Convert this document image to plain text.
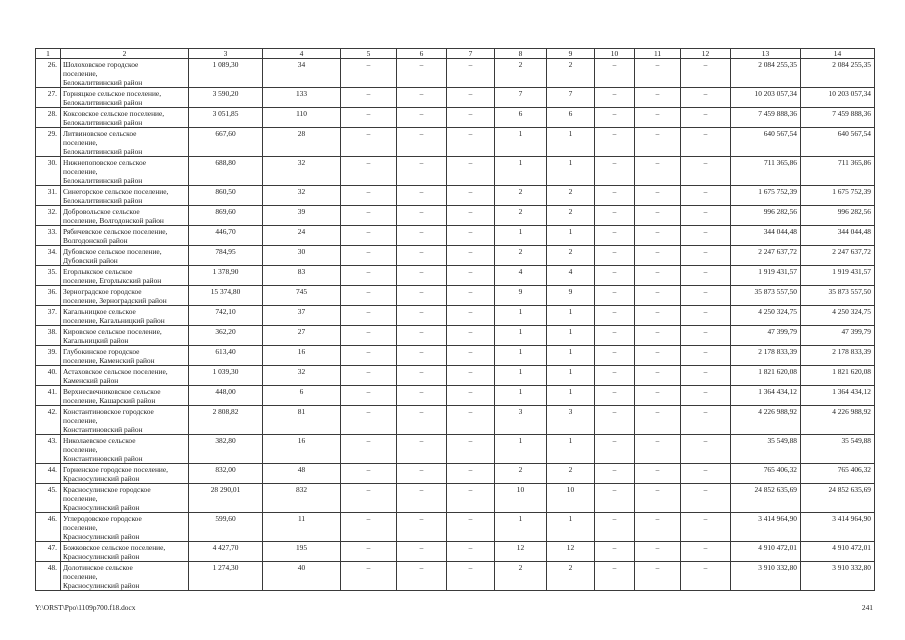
1	2	3	4	5	6	7	8	9	10	11	12	13	14
26.	Шолоховское городское
поселение,
Белокалитвинский район	1 089,30	34	–	–	–	2	2	–	–	–	2 084 255,35	2 084 255,35
27.	Горняцкое сельское поселение,
Белокалитвинский район	3 590,20	133	–	–	–	7	7	–	–	–	10 203 057,34	10 203 057,34
28.	Коксовское сельское поселение,
Белокалитвинский район	3 051,85	110	–	–	–	6	6	–	–	–	7 459 888,36	7 459 888,36
29.	Литвиновское сельское
поселение,
Белокалитвинский район	667,60	28	–	–	–	1	1	–	–	–	640 567,54	640 567,54
30.	Нижнепоповское сельское
поселение,
Белокалитвинский район	688,80	32	–	–	–	1	1	–	–	–	711 365,86	711 365,86
31.	Синегорское сельское поселение,
Белокалитвинский район	860,50	32	–	–	–	2	2	–	–	–	1 675 752,39	1 675 752,39
32.	Добровольское сельское
поселение, Волгодонской район	869,60	39	–	–	–	2	2	–	–	–	996 282,56	996 282,56
33.	Рябичевское сельское поселение,
Волгодонской район	446,70	24	–	–	–	1	1	–	–	–	344 044,48	344 044,48
34.	Дубовское сельское поселение,
Дубовский район	784,95	30	–	–	–	2	2	–	–	–	2 247 637,72	2 247 637,72
35.	Егорлыкское сельское
поселение, Егорлыкский район	1 378,90	83	–	–	–	4	4	–	–	–	1 919 431,57	1 919 431,57
36.	Зерноградское городское
поселение, Зерноградский район	15 374,80	745	–	–	–	9	9	–	–	–	35 873 557,50	35 873 557,50
37.	Кагальницкое сельское
поселение, Кагальницкий район	742,10	37	–	–	–	1	1	–	–	–	4 250 324,75	4 250 324,75
38.	Кировское сельское поселение,
Кагальницкий район	362,20	27	–	–	–	1	1	–	–	–	47 399,79	47 399,79
39.	Глубокинское городское
поселение, Каменский район	613,40	16	–	–	–	1	1	–	–	–	2 178 833,39	2 178 833,39
40.	Астаховское сельское поселение,
Каменский район	1 039,30	32	–	–	–	1	1	–	–	–	1 821 620,08	1 821 620,08
41.	Верхнесвечниковское сельское
поселение, Кашарский район	448,00	6	–	–	–	1	1	–	–	–	1 364 434,12	1 364 434,12
42.	Константиновское городское
поселение,
Константиновский район	2 808,82	81	–	–	–	3	3	–	–	–	4 226 988,92	4 226 988,92
43.	Николаевское сельское
поселение,
Константиновский район	382,80	16	–	–	–	1	1	–	–	–	35 549,88	35 549,88
44.	Горненское городское поселение,
Красносулинский район	832,00	48	–	–	–	2	2	–	–	–	765 406,32	765 406,32
45.	Красносулинское городское
поселение,
Красносулинский район	28 290,01	832	–	–	–	10	10	–	–	–	24 852 635,69	24 852 635,69
46.	Углеродовское городское
поселение,
Красносулинский район	599,60	11	–	–	–	1	1	–	–	–	3 414 964,90	3 414 964,90
47.	Божковское сельское поселение,
Красносулинский район	4 427,70	195	–	–	–	12	12	–	–	–	4 910 472,01	4 910 472,01
48.	Долотинское сельское
поселение,
Красносулинский район	1 274,30	40	–	–	–	2	2	–	–	–	3 910 332,80	3 910 332,80
Y:\ORST\Ppo\1109p700.f18.docx	241
